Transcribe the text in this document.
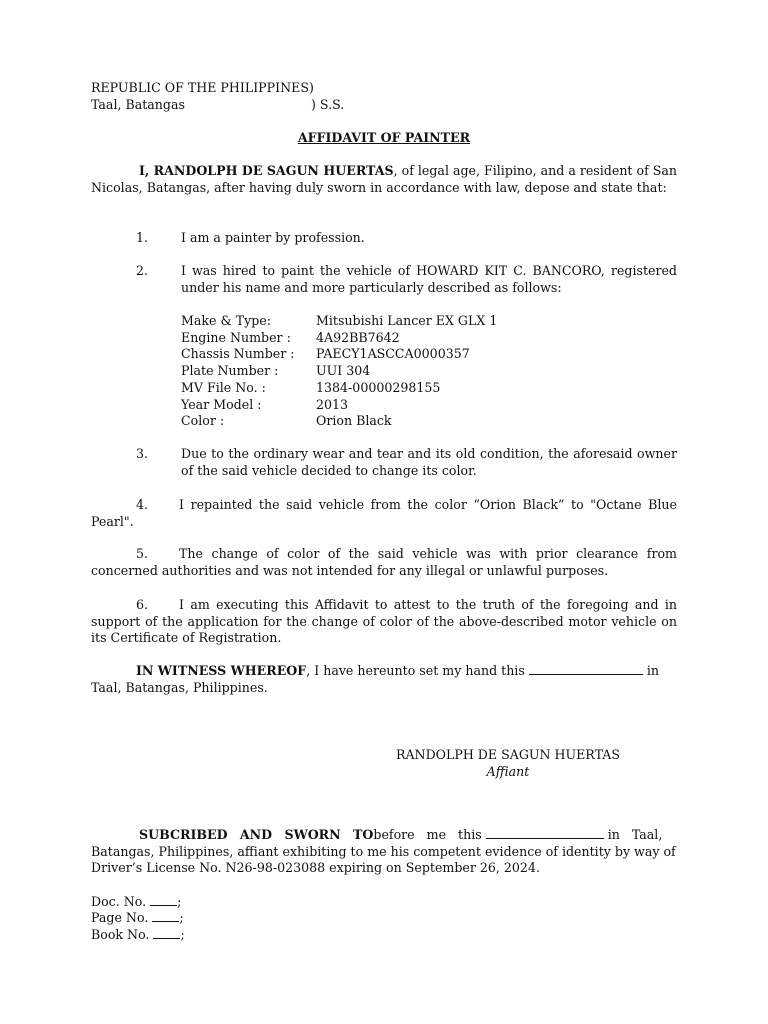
REPUBLIC OF THE PHILIPPINES)

Taal, Batangas	) S.S.

AFFIDAVIT OF PAINTER

I, RANDOLPH DE SAGUN HUERTAS, of legal age, Filipino, and a resident of San Nicolas, Batangas, after having duly sworn in accordance with law, depose and state that:

1.	I am a painter by profession.

2.	I was hired to paint the vehicle of HOWARD KIT C. BANCORO, registered under his name and more particularly described as follows:

Make & Type:	Mitsubishi Lancer EX GLX 1
Engine Number :	4A92BB7642
Chassis Number :	PAECY1ASCCA0000357
Plate Number :	UUI 304
MV File No. :	1384-00000298155
Year Model :	2013
Color :	Orion Black

3.	Due to the ordinary wear and tear and its old condition, the aforesaid owner of the said vehicle decided to change its color.

4. I repainted the said vehicle from the color “Orion Black” to "Octane Blue Pearl".

5. The change of color of the said vehicle was with prior clearance from concerned authorities and was not intended for any illegal or unlawful purposes.

6. I am executing this Affidavit to attest to the truth of the foregoing and in support of the application for the change of color of the above-described motor vehicle on its Certificate of Registration.

IN WITNESS WHEREOF, I have hereunto set my hand this	in
Taal, Batangas, Philippines.

RANDOLPH DE SAGUN HUERTAS

Affiant

SUBCRIBED AND SWORN TObefore me this	in Taal,
Batangas, Philippines, affiant exhibiting to me his competent evidence of identity by way of Driver’s License No. N26-98-023088 expiring on September 26, 2024.

Doc. No. ;

Page No. ;

Book No. ;
